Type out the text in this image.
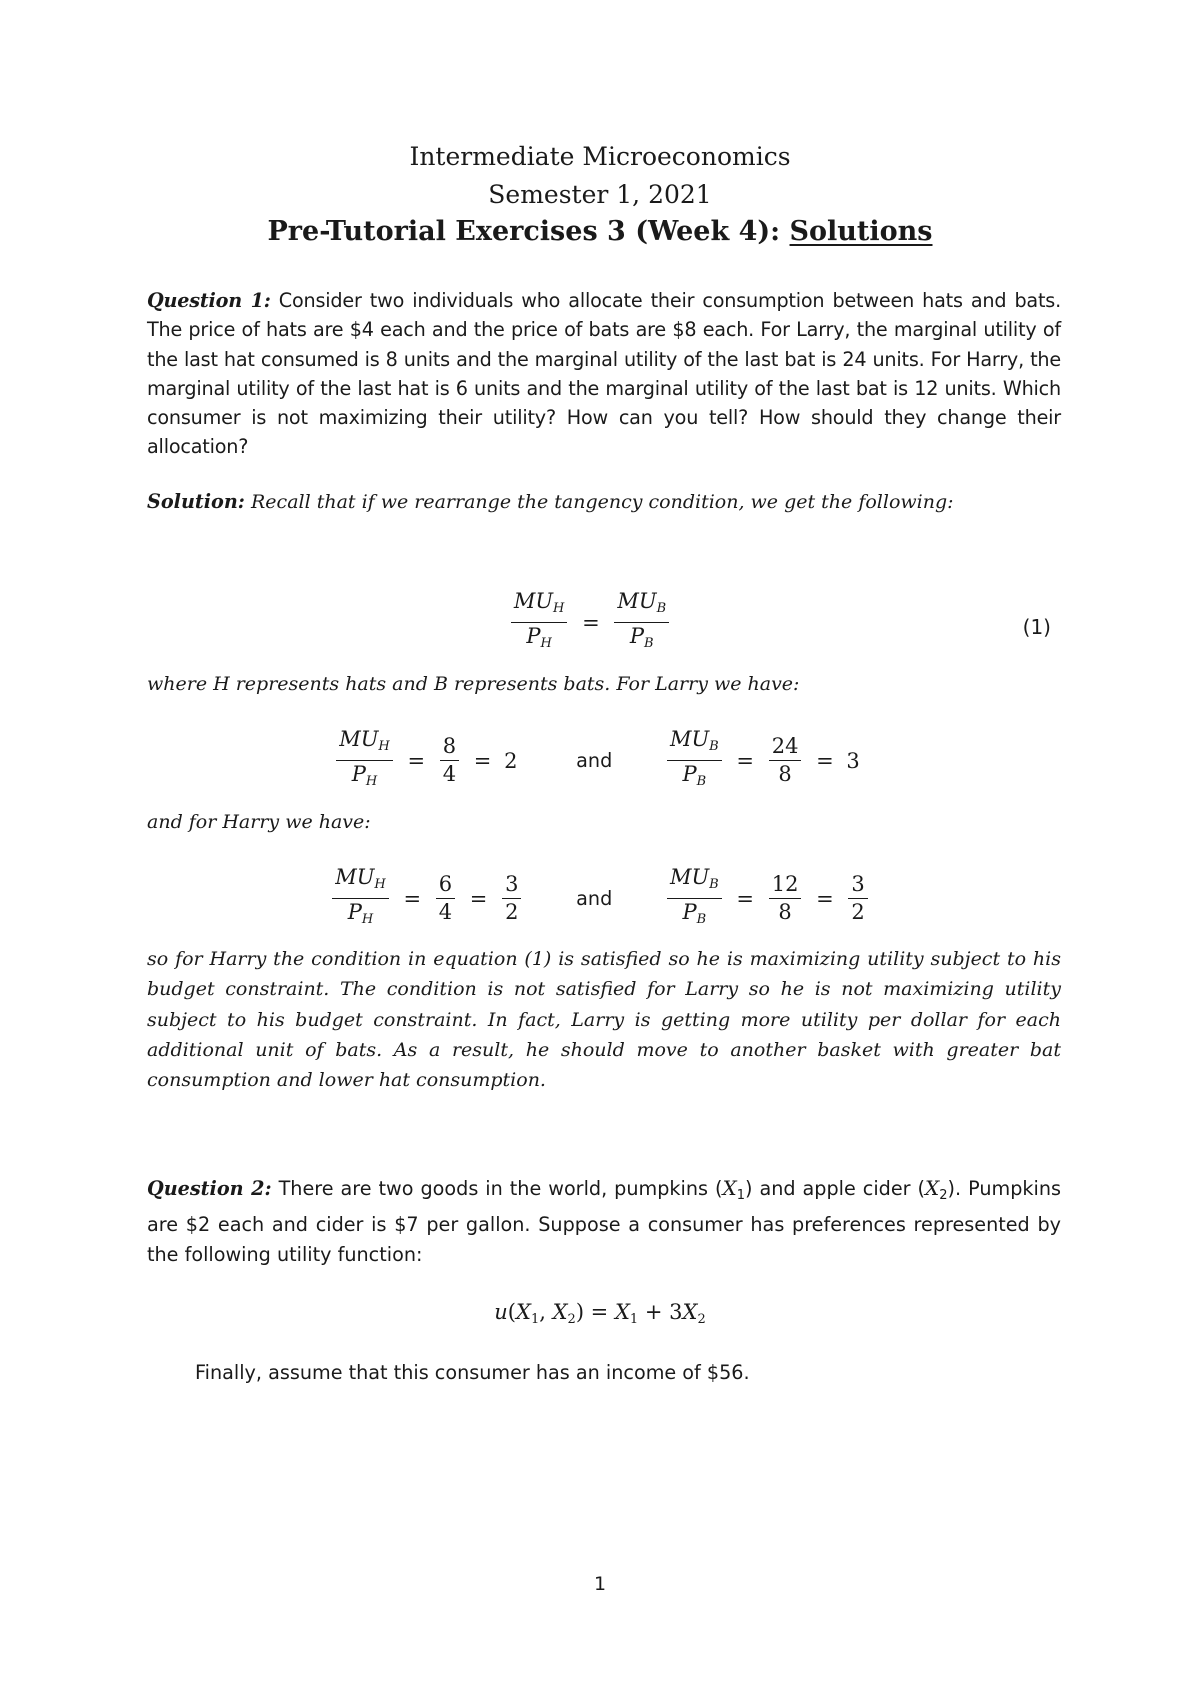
Intermediate Microeconomics
Semester 1, 2021
Pre-Tutorial Exercises 3 (Week 4): Solutions
Question 1: Consider two individuals who allocate their consumption between hats and bats. The price of hats are $4 each and the price of bats are $8 each. For Larry, the marginal utility of the last hat consumed is 8 units and the marginal utility of the last bat is 24 units. For Harry, the marginal utility of the last hat is 6 units and the marginal utility of the last bat is 12 units. Which consumer is not maximizing their utility? How can you tell? How should they change their allocation?
Solution: Recall that if we rearrange the tangency condition, we get the following:
$\frac{MU_H}{P_H} = \frac{MU_B}{P_B}$	(1)
where H represents hats and B represents bats. For Larry we have:
$\frac{MU_H}{P_H} = \frac{8}{4} = 2$	and	$\frac{MU_B}{P_B} = \frac{24}{8} = 3$
and for Harry we have:
$\frac{MU_H}{P_H} = \frac{6}{4} = \frac{3}{2}$	and	$\frac{MU_B}{P_B} = \frac{12}{8} = \frac{3}{2}$
so for Harry the condition in equation (1) is satisfied so he is maximizing utility subject to his budget constraint. The condition is not satisfied for Larry so he is not maximizing utility subject to his budget constraint. In fact, Larry is getting more utility per dollar for each additional unit of bats. As a result, he should move to another basket with greater bat consumption and lower hat consumption.
Question 2: There are two goods in the world, pumpkins $(X_1)$ and apple cider $(X_2)$. Pumpkins are $2 each and cider is $7 per gallon. Suppose a consumer has preferences represented by the following utility function:
$u(X_1$, $X_2) = X_1 + 3X_2$
Finally, assume that this consumer has an income of $56.
1
